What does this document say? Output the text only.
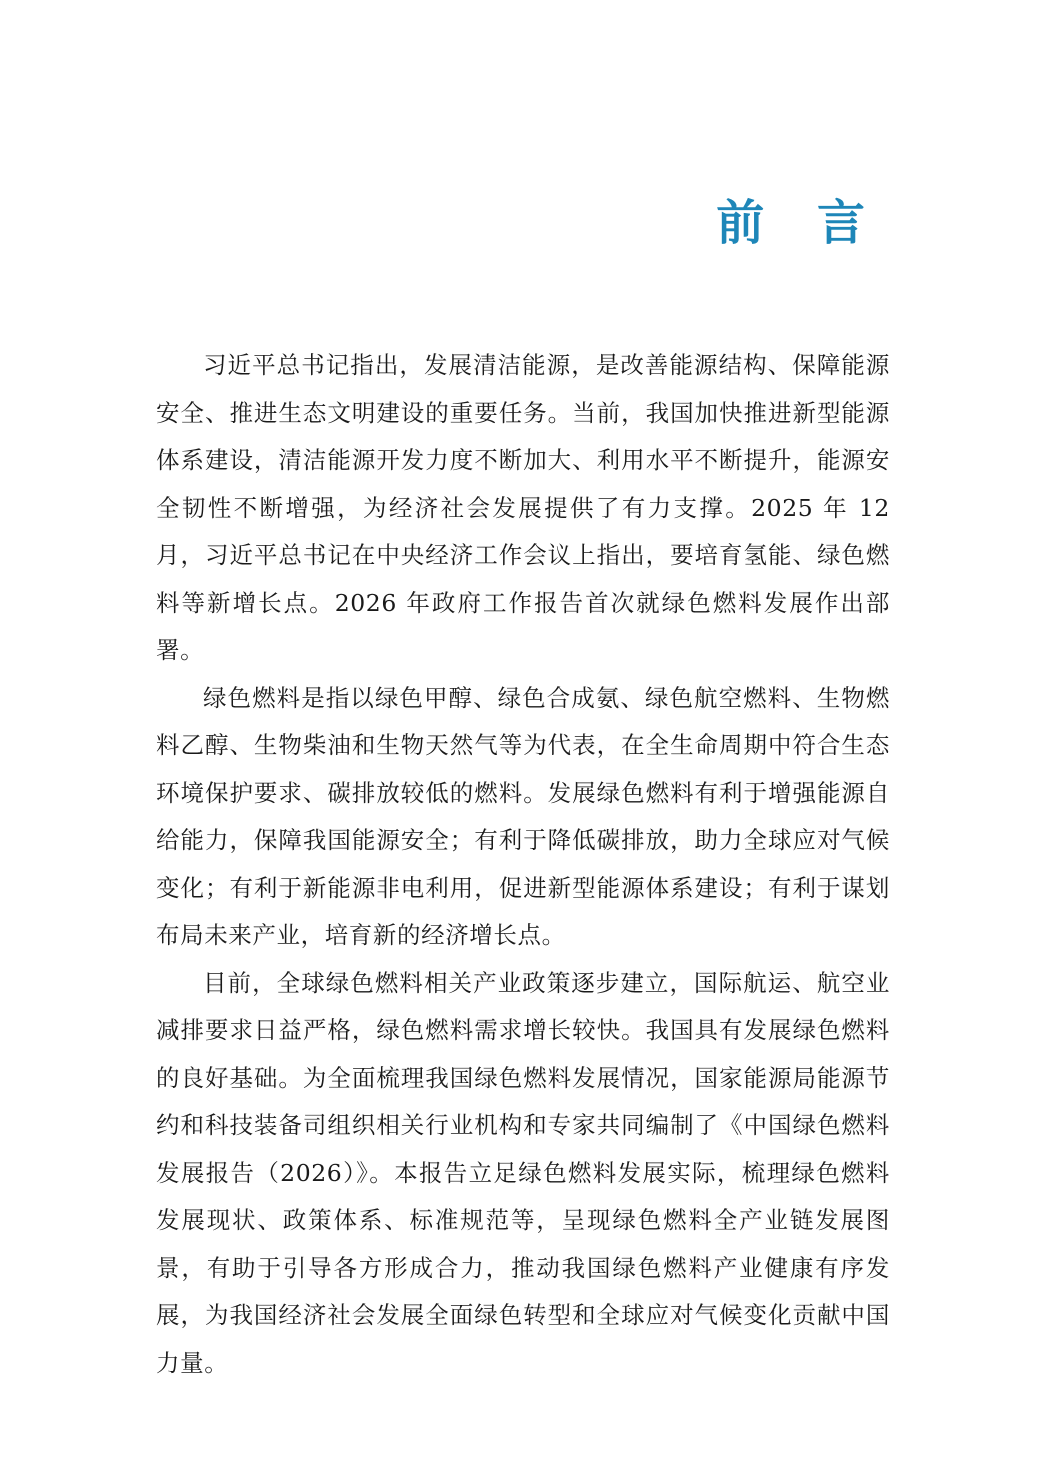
前 言

习近平总书记指出，发展清洁能源，是改善能源结构、保障能源安全、推进生态文明建设的重要任务。当前，我国加快推进新型能源体系建设，清洁能源开发力度不断加大、利用水平不断提升，能源安全韧性不断增强，为经济社会发展提供了有力支撑。2025 年 12 月，习近平总书记在中央经济工作会议上指出，要培育氢能、绿色燃料等新增长点。2026 年政府工作报告首次就绿色燃料发展作出部署。

绿色燃料是指以绿色甲醇、绿色合成氨、绿色航空燃料、生物燃料乙醇、生物柴油和生物天然气等为代表，在全生命周期中符合生态环境保护要求、碳排放较低的燃料。发展绿色燃料有利于增强能源自给能力，保障我国能源安全；有利于降低碳排放，助力全球应对气候变化；有利于新能源非电利用，促进新型能源体系建设；有利于谋划布局未来产业，培育新的经济增长点。

目前，全球绿色燃料相关产业政策逐步建立，国际航运、航空业减排要求日益严格，绿色燃料需求增长较快。我国具有发展绿色燃料的良好基础。为全面梳理我国绿色燃料发展情况，国家能源局能源节约和科技装备司组织相关行业机构和专家共同编制了《中国绿色燃料发展报告（2026）》。本报告立足绿色燃料发展实际，梳理绿色燃料发展现状、政策体系、标准规范等，呈现绿色燃料全产业链发展图景，有助于引导各方形成合力，推动我国绿色燃料产业健康有序发展，为我国经济社会发展全面绿色转型和全球应对气候变化贡献中国力量。
